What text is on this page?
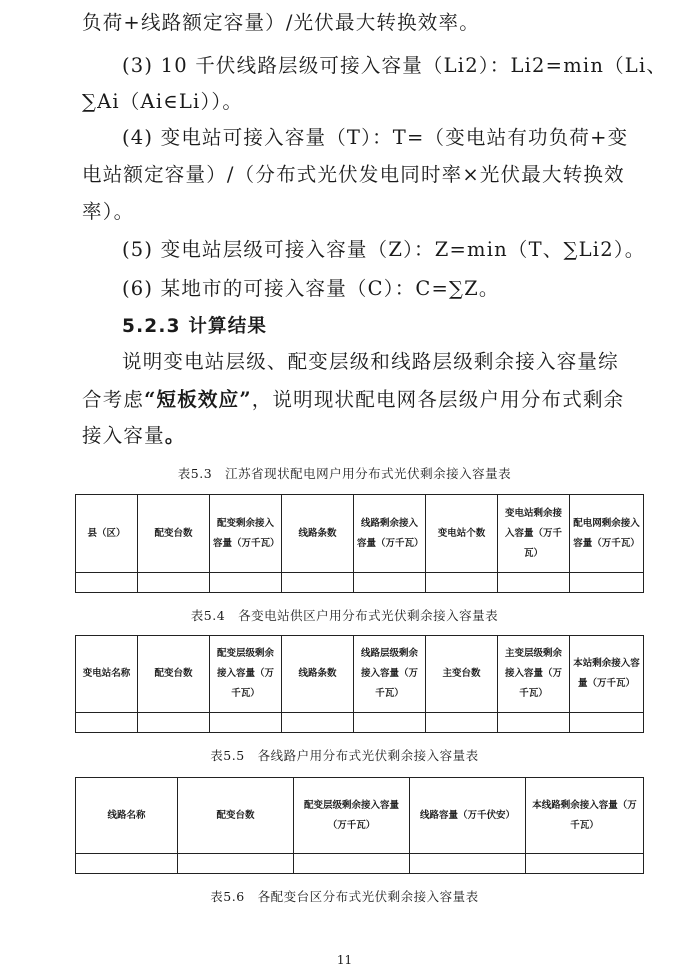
负荷+线路额定容量）/光伏最大转换效率。
(3) 10 千伏线路层级可接入容量（Li2）：Li2=min（Li、
∑Ai（Ai∈Li））。
(4) 变电站可接入容量（T）：T=（变电站有功负荷+变
电站额定容量）/（分布式光伏发电同时率×光伏最大转换效
率）。
(5) 变电站层级可接入容量（Z）：Z=min（T、∑Li2）。
(6) 某地市的可接入容量（C）：C=∑Z。
5.2.3 计算结果
说明变电站层级、配变层级和线路层级剩余接入容量综
合考虑“短板效应”，说明现状配电网各层级户用分布式剩余
接入容量。
表5.3　江苏省现状配电网户用分布式光伏剩余接入容量表
县（区）	配变台数	配变剩余接入容量（万千瓦）	线路条数	线路剩余接入容量（万千瓦）	变电站个数	变电站剩余接入容量（万千瓦）	配电网剩余接入容量（万千瓦）

表5.4　各变电站供区户用分布式光伏剩余接入容量表
变电站名称	配变台数	配变层级剩余接入容量（万千瓦）	线路条数	线路层级剩余接入容量（万千瓦）	主变台数	主变层级剩余接入容量（万千瓦）	本站剩余接入容量（万千瓦）

表5.5　各线路户用分布式光伏剩余接入容量表
线路名称	配变台数	配变层级剩余接入容量（万千瓦）	线路容量（万千伏安）	本线路剩余接入容量（万千瓦）

表5.6　各配变台区分布式光伏剩余接入容量表
11
